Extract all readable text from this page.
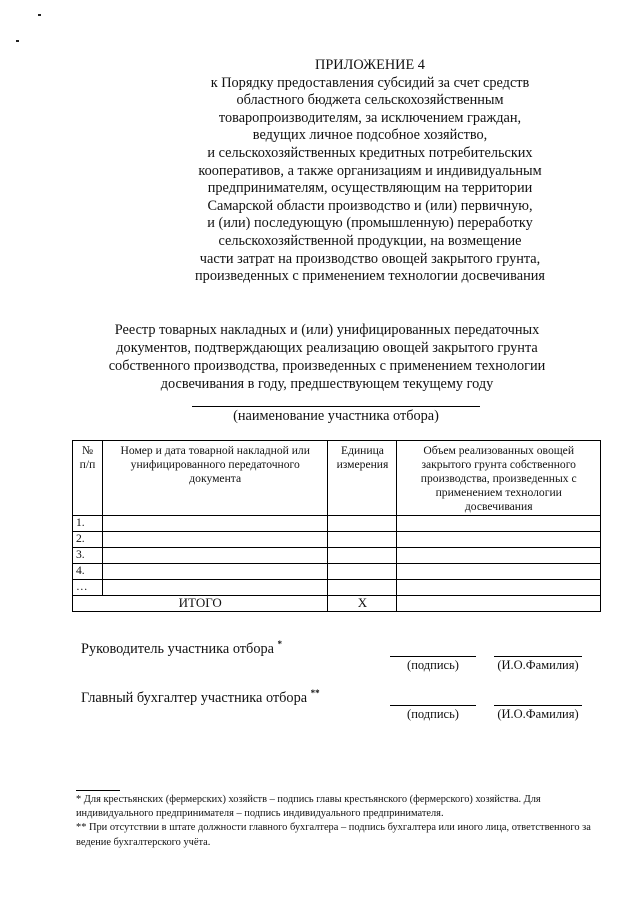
ПРИЛОЖЕНИЕ 4
к Порядку предоставления субсидий за счет средств
областного бюджета сельскохозяйственным
товаропроизводителям, за исключением граждан,
ведущих личное подсобное хозяйство,
и сельскохозяйственных кредитных потребительских
кооперативов, а также организациям и индивидуальным
предпринимателям, осуществляющим на территории
Самарской области производство и (или) первичную,
и (или) последующую (промышленную) переработку
сельскохозяйственной продукции, на возмещение
части затрат на производство овощей закрытого грунта,
произведенных с применением технологии досвечивания
Реестр товарных накладных и (или) унифицированных передаточных
документов, подтверждающих реализацию овощей закрытого грунта
собственного производства, произведенных с применением технологии
досвечивания в году, предшествующем текущему году
(наименование участника отбора)
№ п/п	Номер и дата товарной накладной или унифицированного передаточного документа	Единица измерения	Объем реализованных овощей закрытого грунта собственного производства, произведенных с применением технологии досвечивания
1.			
2.			
3.			
4.			
…			
ИТОГО		Х	
Руководитель участника отбора *
(подпись)	(И.О.Фамилия)
Главный бухгалтер участника отбора **
(подпись)	(И.О.Фамилия)
* Для крестьянских (фермерских) хозяйств – подпись главы крестьянского (фермерского) хозяйства. Для индивидуального предпринимателя – подпись индивидуального предпринимателя.
** При отсутствии в штате должности главного бухгалтера – подпись бухгалтера или иного лица, ответственного за ведение бухгалтерского учёта.
